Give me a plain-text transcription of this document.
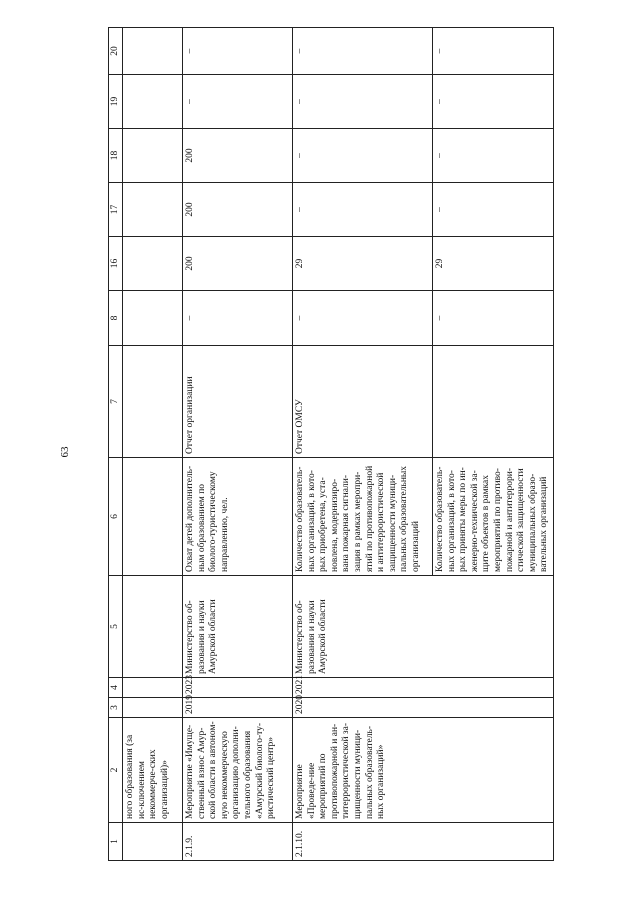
63
1	2	3	4	5	6	7	8	16	17	18	19	20
	ного образования (за ис-ключением некоммерче-ских организаций)»											
2.1.9.	Мероприятие «Имуще-ственный взнос Амур-ской области в автоном-ную некоммерческую организацию дополни-тельного образования «Амурский биолого-ту-ристический центр»	2019	2023	Министерство об-разования и науки Амурской области	Охват детей дополнитель-ным образованием по биолого-туристическому направлению, чел.	Отчет организации	–	200	200	200	–	–
2.1.10.	Мероприятие «Проведе-ние мероприятий по противопожарной и ан-титеррористической за-щищенности муници-пальных образователь-ных организаций»	2020	2021	Министерство об-разования и науки Амурской области	Количество образователь-ных организаций, в кото-рых приобретена, уста-новлена, модернизиро-вана пожарная сигнали-зация в рамках меропри-ятий по противопожарной и антитеррористической защищенности муници-пальных образовательных организаций	Отчет ОМСУ	–	29	–	–	–	–
					Количество образователь-ных организаций, в кото-рых приняты меры по ин-женерно-технической за-щите объектов в рамках мероприятий по противо-пожарной и антитеррори-стической защищенности муниципальных образо-вательных организаций		–	29	–	–	–	–
